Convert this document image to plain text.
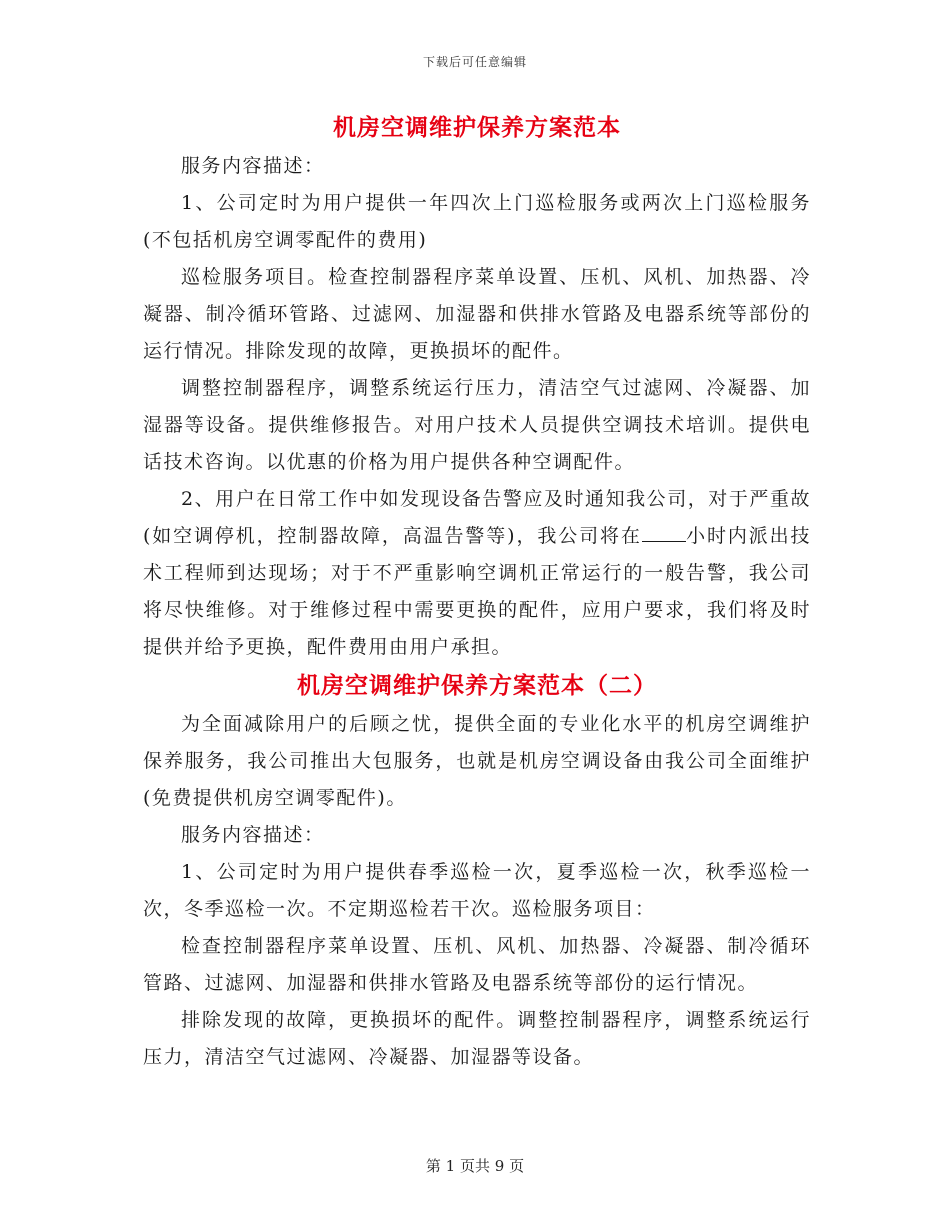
下载后可任意编辑
机房空调维护保养方案范本

服务内容描述：

1、公司定时为用户提供一年四次上门巡检服务或两次上门巡检服务(不包括机房空调零配件的费用)

巡检服务项目。检查控制器程序菜单设置、压机、风机、加热器、冷凝器、制冷循环管路、过滤网、加湿器和供排水管路及电器系统等部份的运行情况。排除发现的故障，更换损坏的配件。

调整控制器程序，调整系统运行压力，清洁空气过滤网、冷凝器、加湿器等设备。提供维修报告。对用户技术人员提供空调技术培训。提供电话技术咨询。以优惠的价格为用户提供各种空调配件。

2、用户在日常工作中如发现设备告警应及时通知我公司，对于严重故(如空调停机，控制器故障，高温告警等)，我公司将在 小时内派出技术工程师到达现场；对于不严重影响空调机正常运行的一般告警，我公司将尽快维修。对于维修过程中需要更换的配件，应用户要求，我们将及时提供并给予更换，配件费用由用户承担。

机房空调维护保养方案范本（二）

为全面减除用户的后顾之忧，提供全面的专业化水平的机房空调维护保养服务，我公司推出大包服务，也就是机房空调设备由我公司全面维护(免费提供机房空调零配件)。

服务内容描述：

1、公司定时为用户提供春季巡检一次，夏季巡检一次，秋季巡检一次，冬季巡检一次。不定期巡检若干次。巡检服务项目：

检查控制器程序菜单设置、压机、风机、加热器、冷凝器、制冷循环管路、过滤网、加湿器和供排水管路及电器系统等部份的运行情况。

排除发现的故障，更换损坏的配件。调整控制器程序，调整系统运行压力，清洁空气过滤网、冷凝器、加湿器等设备。

第 1 页共 9 页
